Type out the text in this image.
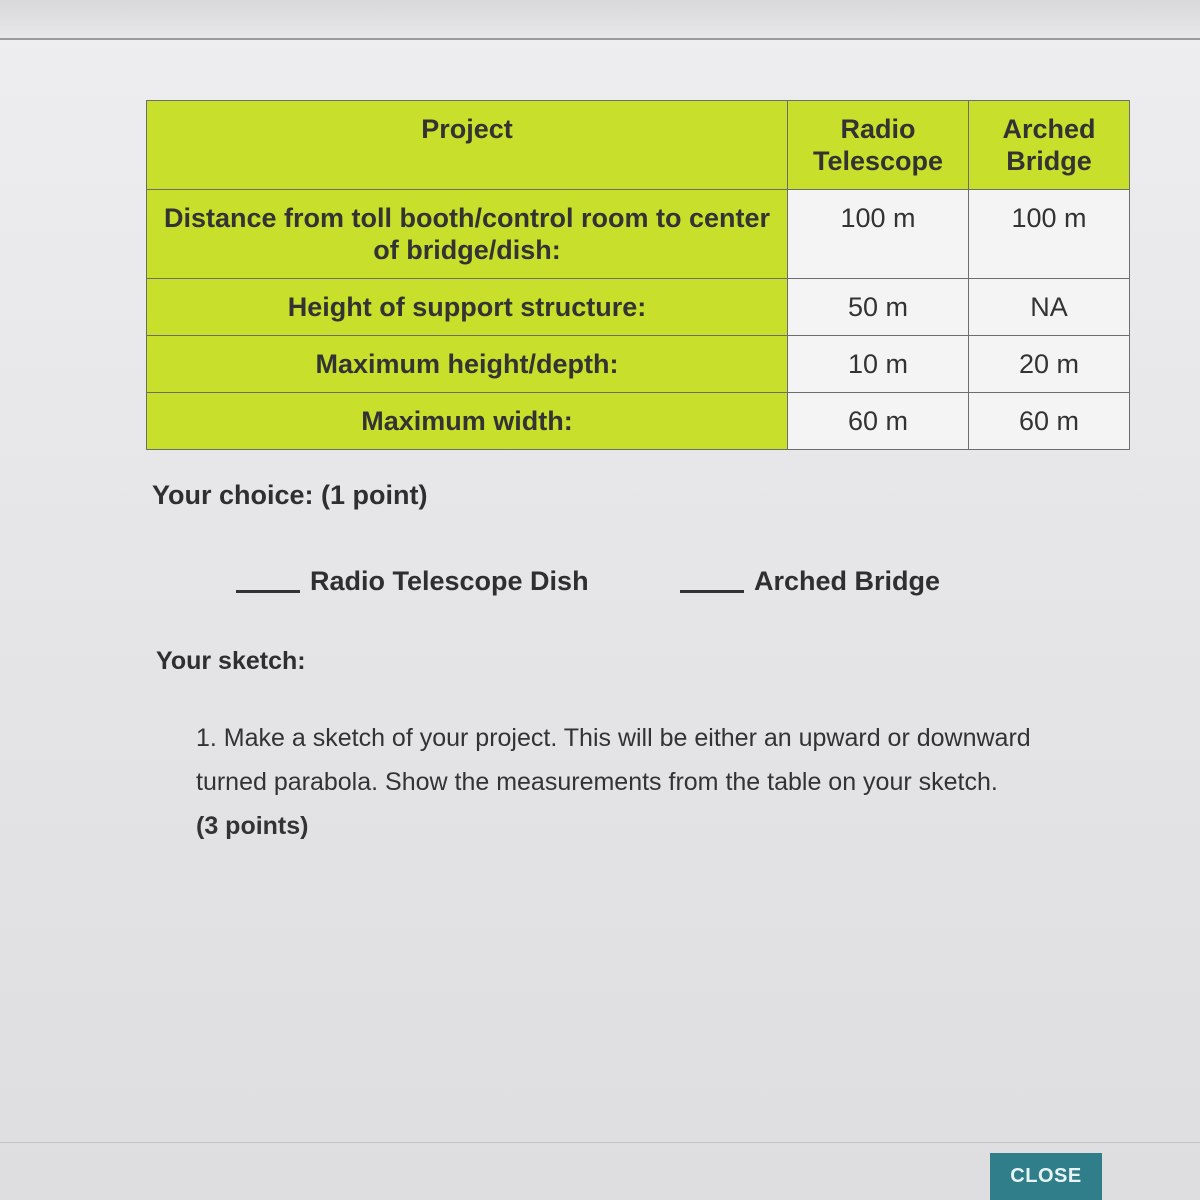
Project	Radio Telescope	Arched Bridge
Distance from toll booth/control room to center of bridge/dish:	100 m	100 m
Height of support structure:	50 m	NA
Maximum height/depth:	10 m	20 m
Maximum width:	60 m	60 m

Your choice: (1 point)

Radio Telescope Dish	Arched Bridge

Your sketch:

1. Make a sketch of your project. This will be either an upward or downward turned parabola. Show the measurements from the table on your sketch.
(3 points)

CLOSE
